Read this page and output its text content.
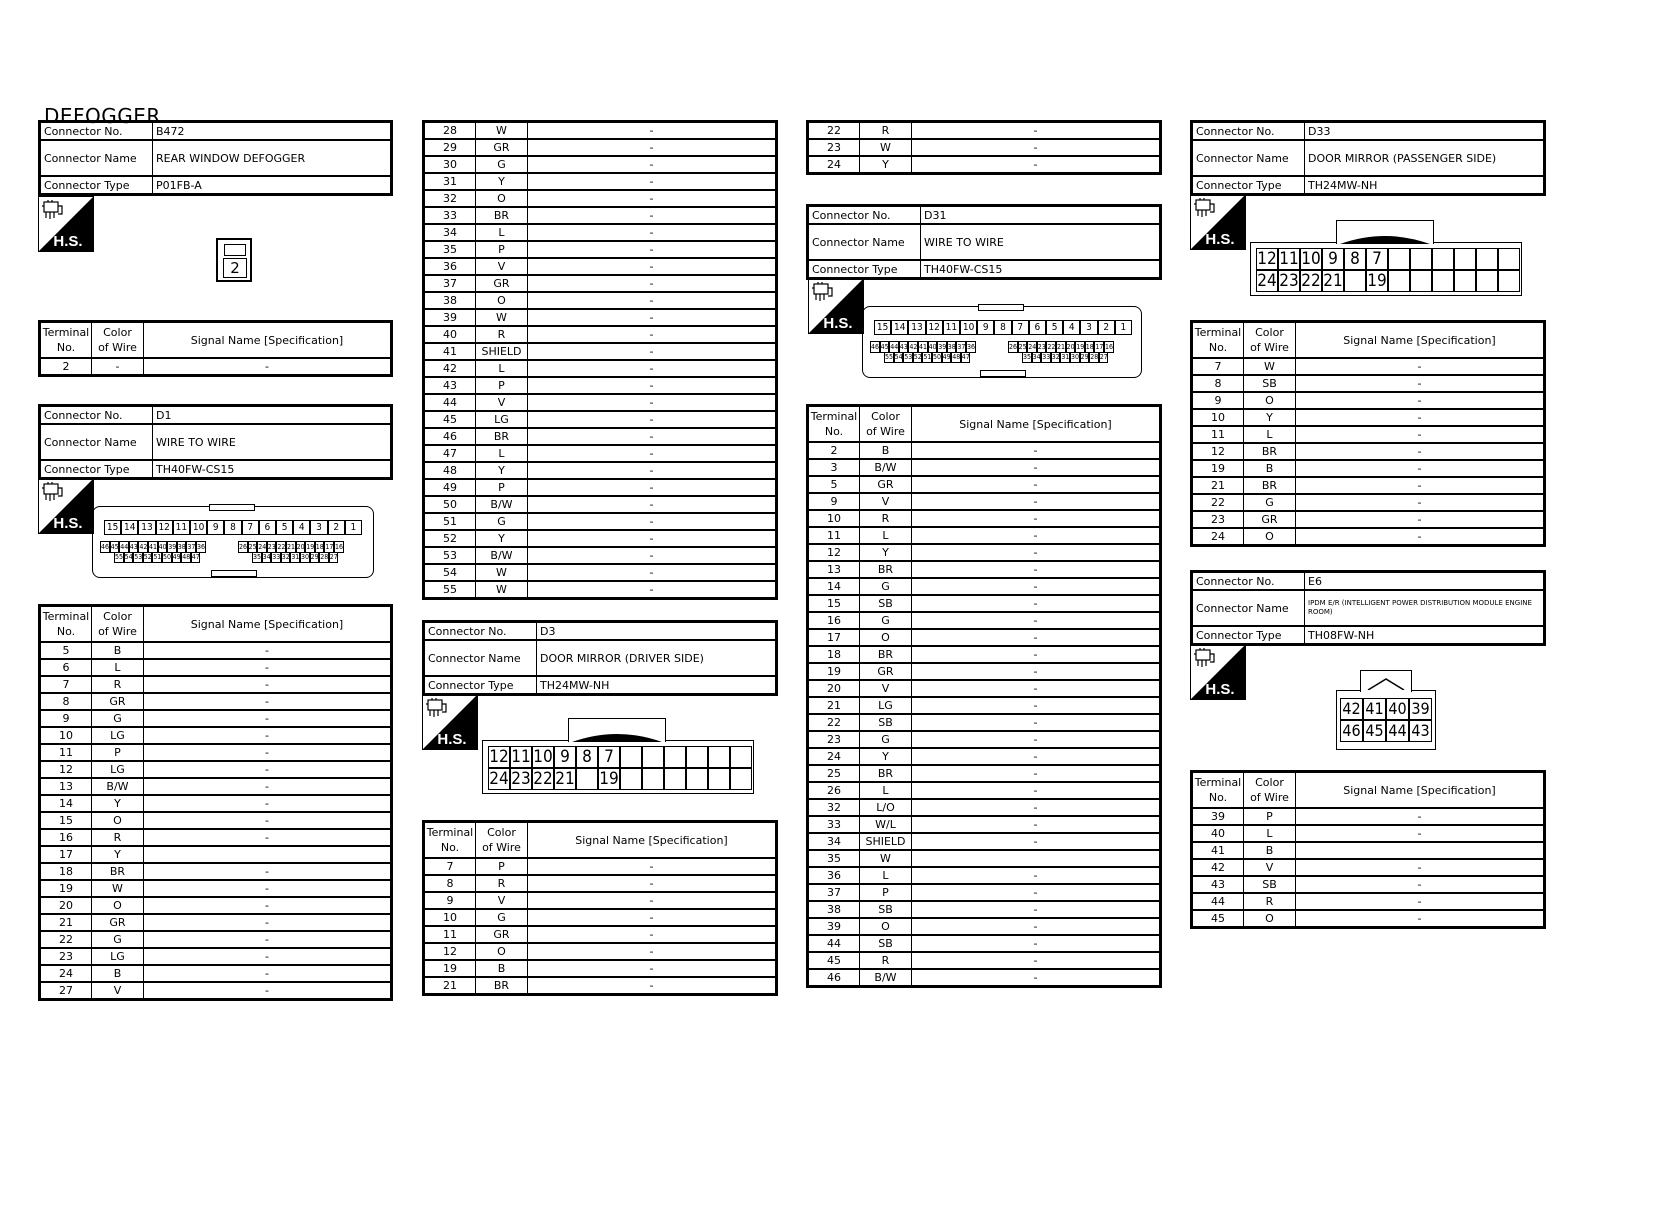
DEFOGGER
Connector No.	B472
Connector Name	REAR WINDOW DEFOGGER
Connector Type	P01FB-A
H.S.
2
Terminal
No.	Color
of Wire	Signal Name [Specification]
2	-	-
Connector No.	D1
Connector Name	WIRE TO WIRE
Connector Type	TH40FW-CS15
H.S. 15 14 13 12 11 10 9	8	7	6	5	4	3	2	1
46 45 44 43 42 41 40 39 38 37 36	26 25 24 23 22 21 20 19 18 17 16
55 54 53 52 51 50 49 48 47	35 34 33 32 31 30 29 28 27
Terminal
No.	Color
of Wire	Signal Name [Specification]
5	B	-
6	L	-
7	R	-
8	GR	-
9	G	-
10	LG	-
11	P	-
12	LG	-
13	B/W	-
14	Y	-
15	O	-
16	R	-
17	Y	
18	BR	-
19	W	-
20	O	-
21	GR	-
22	G	-
23	LG	-
24	B	-
27	V	-
28	W	-
29	GR	-
30	G	-
31	Y	-
32	O	-
33	BR	-
34	L	-
35	P	-
36	V	-
37	GR	-
38	O	-
39	W	-
40	R	-
41	SHIELD	-
42	L	-
43	P	-
44	V	-
45	LG	-
46	BR	-
47	L	-
48	Y	-
49	P	-
50	B/W	-
51	G	-
52	Y	-
53	B/W	-
54	W	-
55	W	-
Connector No.	D3
Connector Name	DOOR MIRROR (DRIVER SIDE)
Connector Type	TH24MW-NH
H.S.
12
24
11
23
10
22
9
21
8 7
19
Terminal
No.	Color
of Wire	Signal Name [Specification]
7	P	-
8	R	-
9	V	-
10	G	-
11	GR	-
12	O	-
19	B	-
21	BR	-
22	R	-
23	W	-
24	Y	-
Connector No.	D31
Connector Name	WIRE TO WIRE
Connector Type	TH40FW-CS15
H.S. 15 14 13 12 11 10 9	8	7	6	5	4	3	2	1
46 45 44 43 42 41 40 39 38 37 36	26 25 24 23 22 21 20 19 18 17 16
55 54 53 52 51 50 49 48 47	35 34 33 32 31 30 29 28 27
Terminal
No.	Color
of Wire	Signal Name [Specification]
2	B	-
3	B/W	-
5	GR	-
9	V	-
10	R	-
11	L	-
12	Y	-
13	BR	-
14	G	-
15	SB	-
16	G	-
17	O	-
18	BR	-
19	GR	-
20	V	-
21	LG	-
22	SB	-
23	G	-
24	Y	-
25	BR	-
26	L	-
32	L/O	-
33	W/L	-
34	SHIELD	-
35	W	
36	L	-
37	P	-
38	SB	-
39	O	-
44	SB	-
45	R	-
46	B/W	-
Connector No.	D33
Connector Name	DOOR MIRROR (PASSENGER SIDE)
Connector Type	TH24MW-NH
H.S.
12
24
11
23
10
22
9
21
8 7
19
Terminal
No.	Color
of Wire	Signal Name [Specification]
7	W	-
8	SB	-
9	O	-
10	Y	-
11	L	-
12	BR	-
19	B	-
21	BR	-
22	G	-
23	GR	-
24	O	-
Connector No.	E6
Connector Name	IPDM E/R (INTELLIGENT POWER DISTRIBUTION MODULE ENGINE ROOM)
Connector Type	TH08FW-NH
H.S.
42
46
41
45
40
44
39
43
Terminal
No.	Color
of Wire	Signal Name [Specification]
39	P	-
40	L	-
41	B	
42	V	-
43	SB	-
44	R	-
45	O	-
